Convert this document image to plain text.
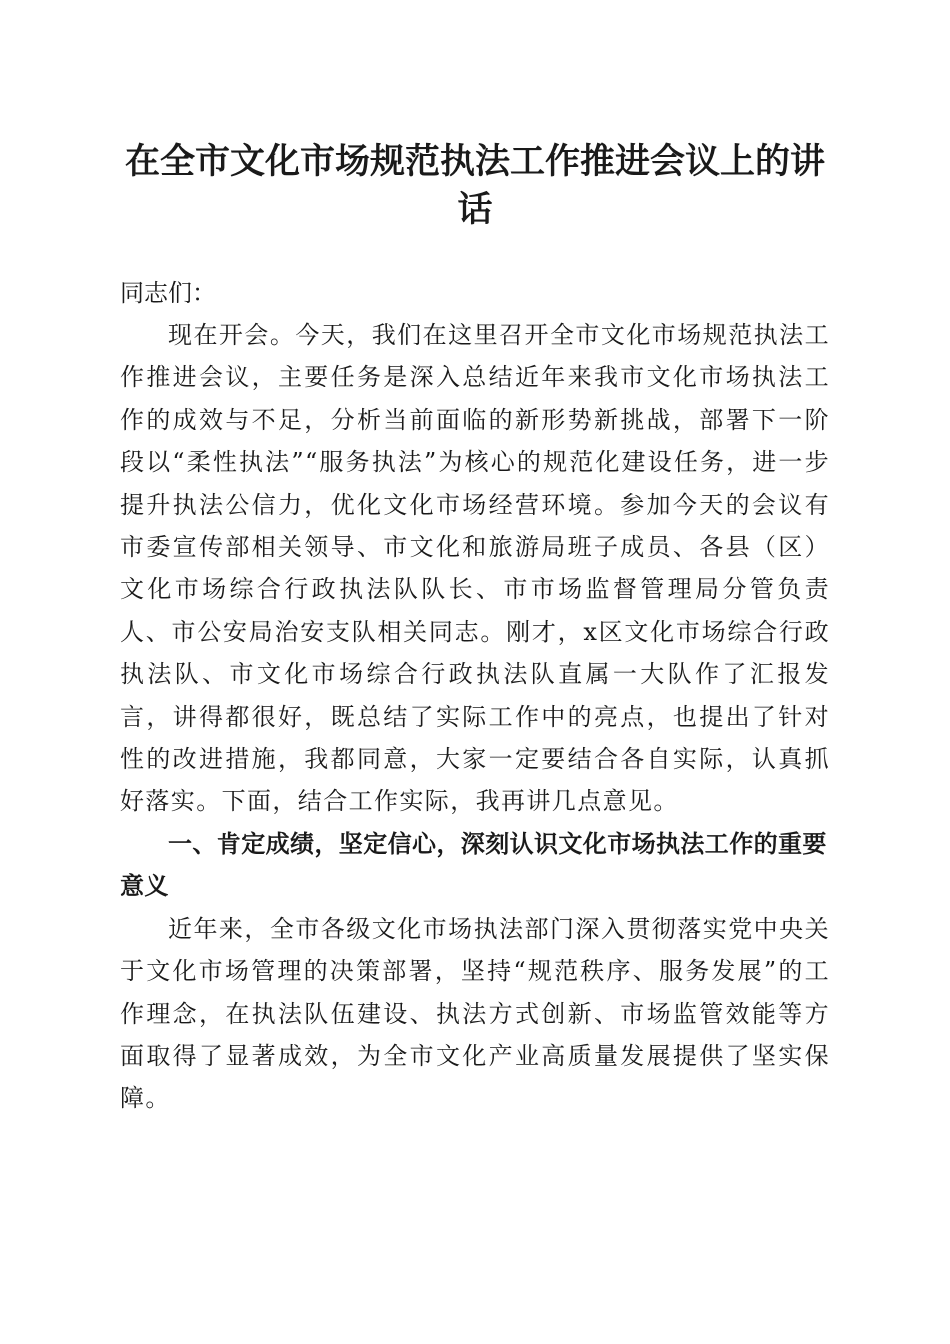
在全市文化市场规范执法工作推进会议上的讲话

同志们：

现在开会。今天，我们在这里召开全市文化市场规范执法工作推进会议，主要任务是深入总结近年来我市文化市场执法工作的成效与不足，分析当前面临的新形势新挑战，部署下一阶段以“柔性执法”“服务执法”为核心的规范化建设任务，进一步提升执法公信力，优化文化市场经营环境。参加今天的会议有市委宣传部相关领导、市文化和旅游局班子成员、各县（区）文化市场综合行政执法队队长、市市场监督管理局分管负责人、市公安局治安支队相关同志。刚才，x区文化市场综合行政执法队、市文化市场综合行政执法队直属一大队作了汇报发言，讲得都很好，既总结了实际工作中的亮点，也提出了针对性的改进措施，我都同意，大家一定要结合各自实际，认真抓好落实。下面，结合工作实际，我再讲几点意见。

一、肯定成绩，坚定信心，深刻认识文化市场执法工作的重要意义

近年来，全市各级文化市场执法部门深入贯彻落实党中央关于文化市场管理的决策部署，坚持“规范秩序、服务发展”的工作理念，在执法队伍建设、执法方式创新、市场监管效能等方面取得了显著成效，为全市文化产业高质量发展提供了坚实保障。
